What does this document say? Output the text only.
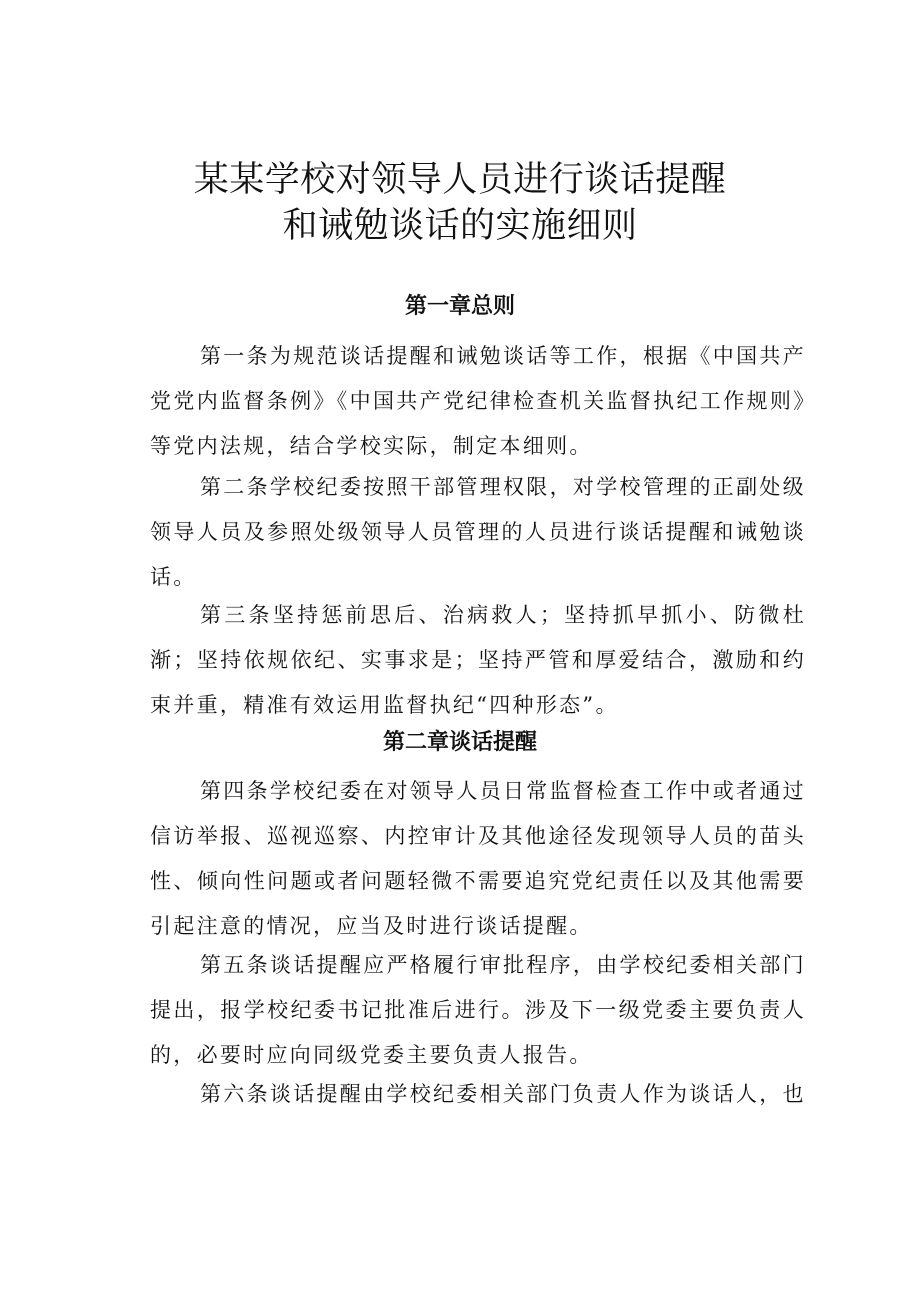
某某学校对领导人员进行谈话提醒
和诫勉谈话的实施细则
第一章总则

第一条为规范谈话提醒和诫勉谈话等工作，根据《中国共产党党内监督条例》《中国共产党纪律检查机关监督执纪工作规则》等党内法规，结合学校实际，制定本细则。

第二条学校纪委按照干部管理权限，对学校管理的正副处级领导人员及参照处级领导人员管理的人员进行谈话提醒和诫勉谈话。

第三条坚持惩前思后、治病救人；坚持抓早抓小、防微杜渐；坚持依规依纪、实事求是；坚持严管和厚爱结合，激励和约束并重，精准有效运用监督执纪“四种形态”。

第二章谈话提醒

第四条学校纪委在对领导人员日常监督检查工作中或者通过信访举报、巡视巡察、内控审计及其他途径发现领导人员的苗头性、倾向性问题或者问题轻微不需要追究党纪责任以及其他需要引起注意的情况，应当及时进行谈话提醒。

第五条谈话提醒应严格履行审批程序，由学校纪委相关部门提出，报学校纪委书记批准后进行。涉及下一级党委主要负责人的，必要时应向同级党委主要负责人报告。

第六条谈话提醒由学校纪委相关部门负责人作为谈话人，也
